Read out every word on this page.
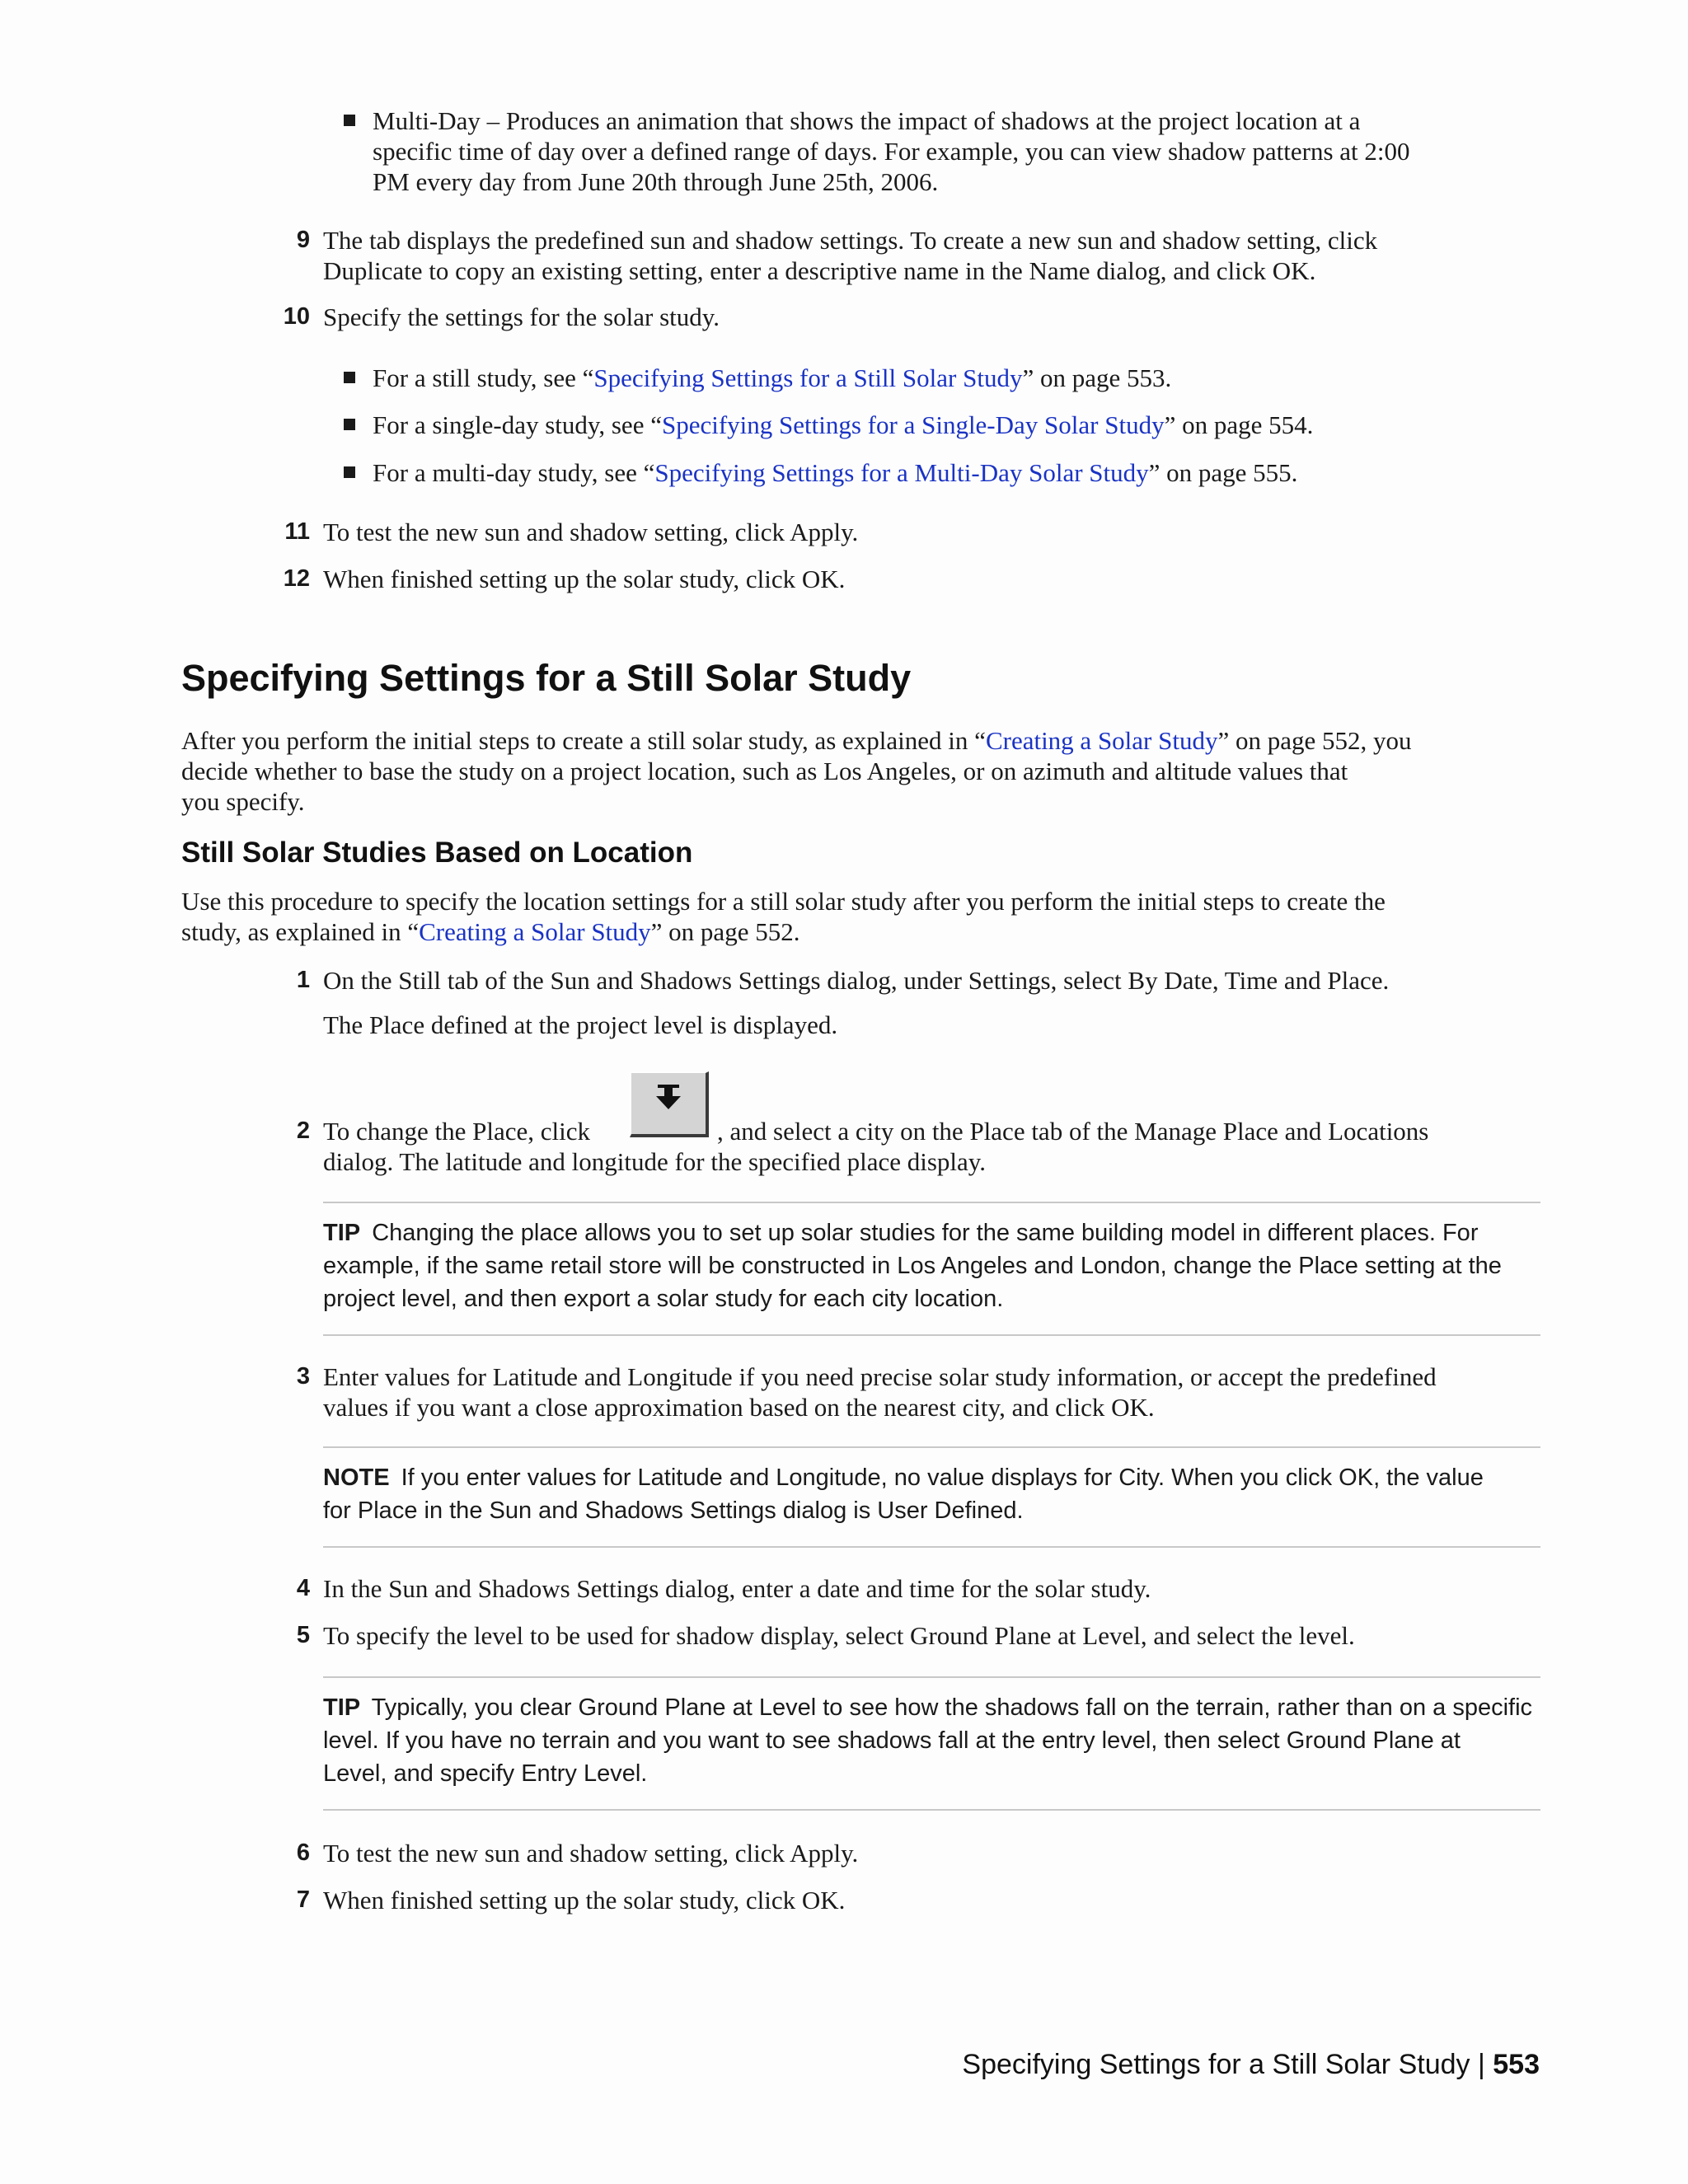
Multi-Day – Produces an animation that shows the impact of shadows at the project location at a
specific time of day over a defined range of days. For example, you can view shadow patterns at 2:00
PM every day from June 20th through June 25th, 2006.
9 The tab displays the predefined sun and shadow settings. To create a new sun and shadow setting, click
Duplicate to copy an existing setting, enter a descriptive name in the Name dialog, and click OK.
10 Specify the settings for the solar study.
For a still study, see “Specifying Settings for a Still Solar Study” on page 553.
For a single-day study, see “Specifying Settings for a Single-Day Solar Study” on page 554.
For a multi-day study, see “Specifying Settings for a Multi-Day Solar Study” on page 555.
11 To test the new sun and shadow setting, click Apply.
12 When finished setting up the solar study, click OK.
Specifying Settings for a Still Solar Study
After you perform the initial steps to create a still solar study, as explained in “Creating a Solar Study” on page 552, you
decide whether to base the study on a project location, such as Los Angeles, or on azimuth and altitude values that
you specify.
Still Solar Studies Based on Location
Use this procedure to specify the location settings for a still solar study after you perform the initial steps to create the
study, as explained in “Creating a Solar Study” on page 552.
1 On the Still tab of the Sun and Shadows Settings dialog, under Settings, select By Date, Time and Place.
The Place defined at the project level is displayed.
2 To change the Place, click	, and select a city on the Place tab of the Manage Place and Locations
dialog. The latitude and longitude for the specified place display.
TIP Changing the place allows you to set up solar studies for the same building model in different places. For
example, if the same retail store will be constructed in Los Angeles and London, change the Place setting at the
project level, and then export a solar study for each city location.
3 Enter values for Latitude and Longitude if you need precise solar study information, or accept the predefined
values if you want a close approximation based on the nearest city, and click OK.
NOTE If you enter values for Latitude and Longitude, no value displays for City. When you click OK, the value
for Place in the Sun and Shadows Settings dialog is User Defined.
4 In the Sun and Shadows Settings dialog, enter a date and time for the solar study.
5 To specify the level to be used for shadow display, select Ground Plane at Level, and select the level.
TIP Typically, you clear Ground Plane at Level to see how the shadows fall on the terrain, rather than on a specific
level. If you have no terrain and you want to see shadows fall at the entry level, then select Ground Plane at
Level, and specify Entry Level.
6 To test the new sun and shadow setting, click Apply.
7 When finished setting up the solar study, click OK.
Specifying Settings for a Still Solar Study | 553
